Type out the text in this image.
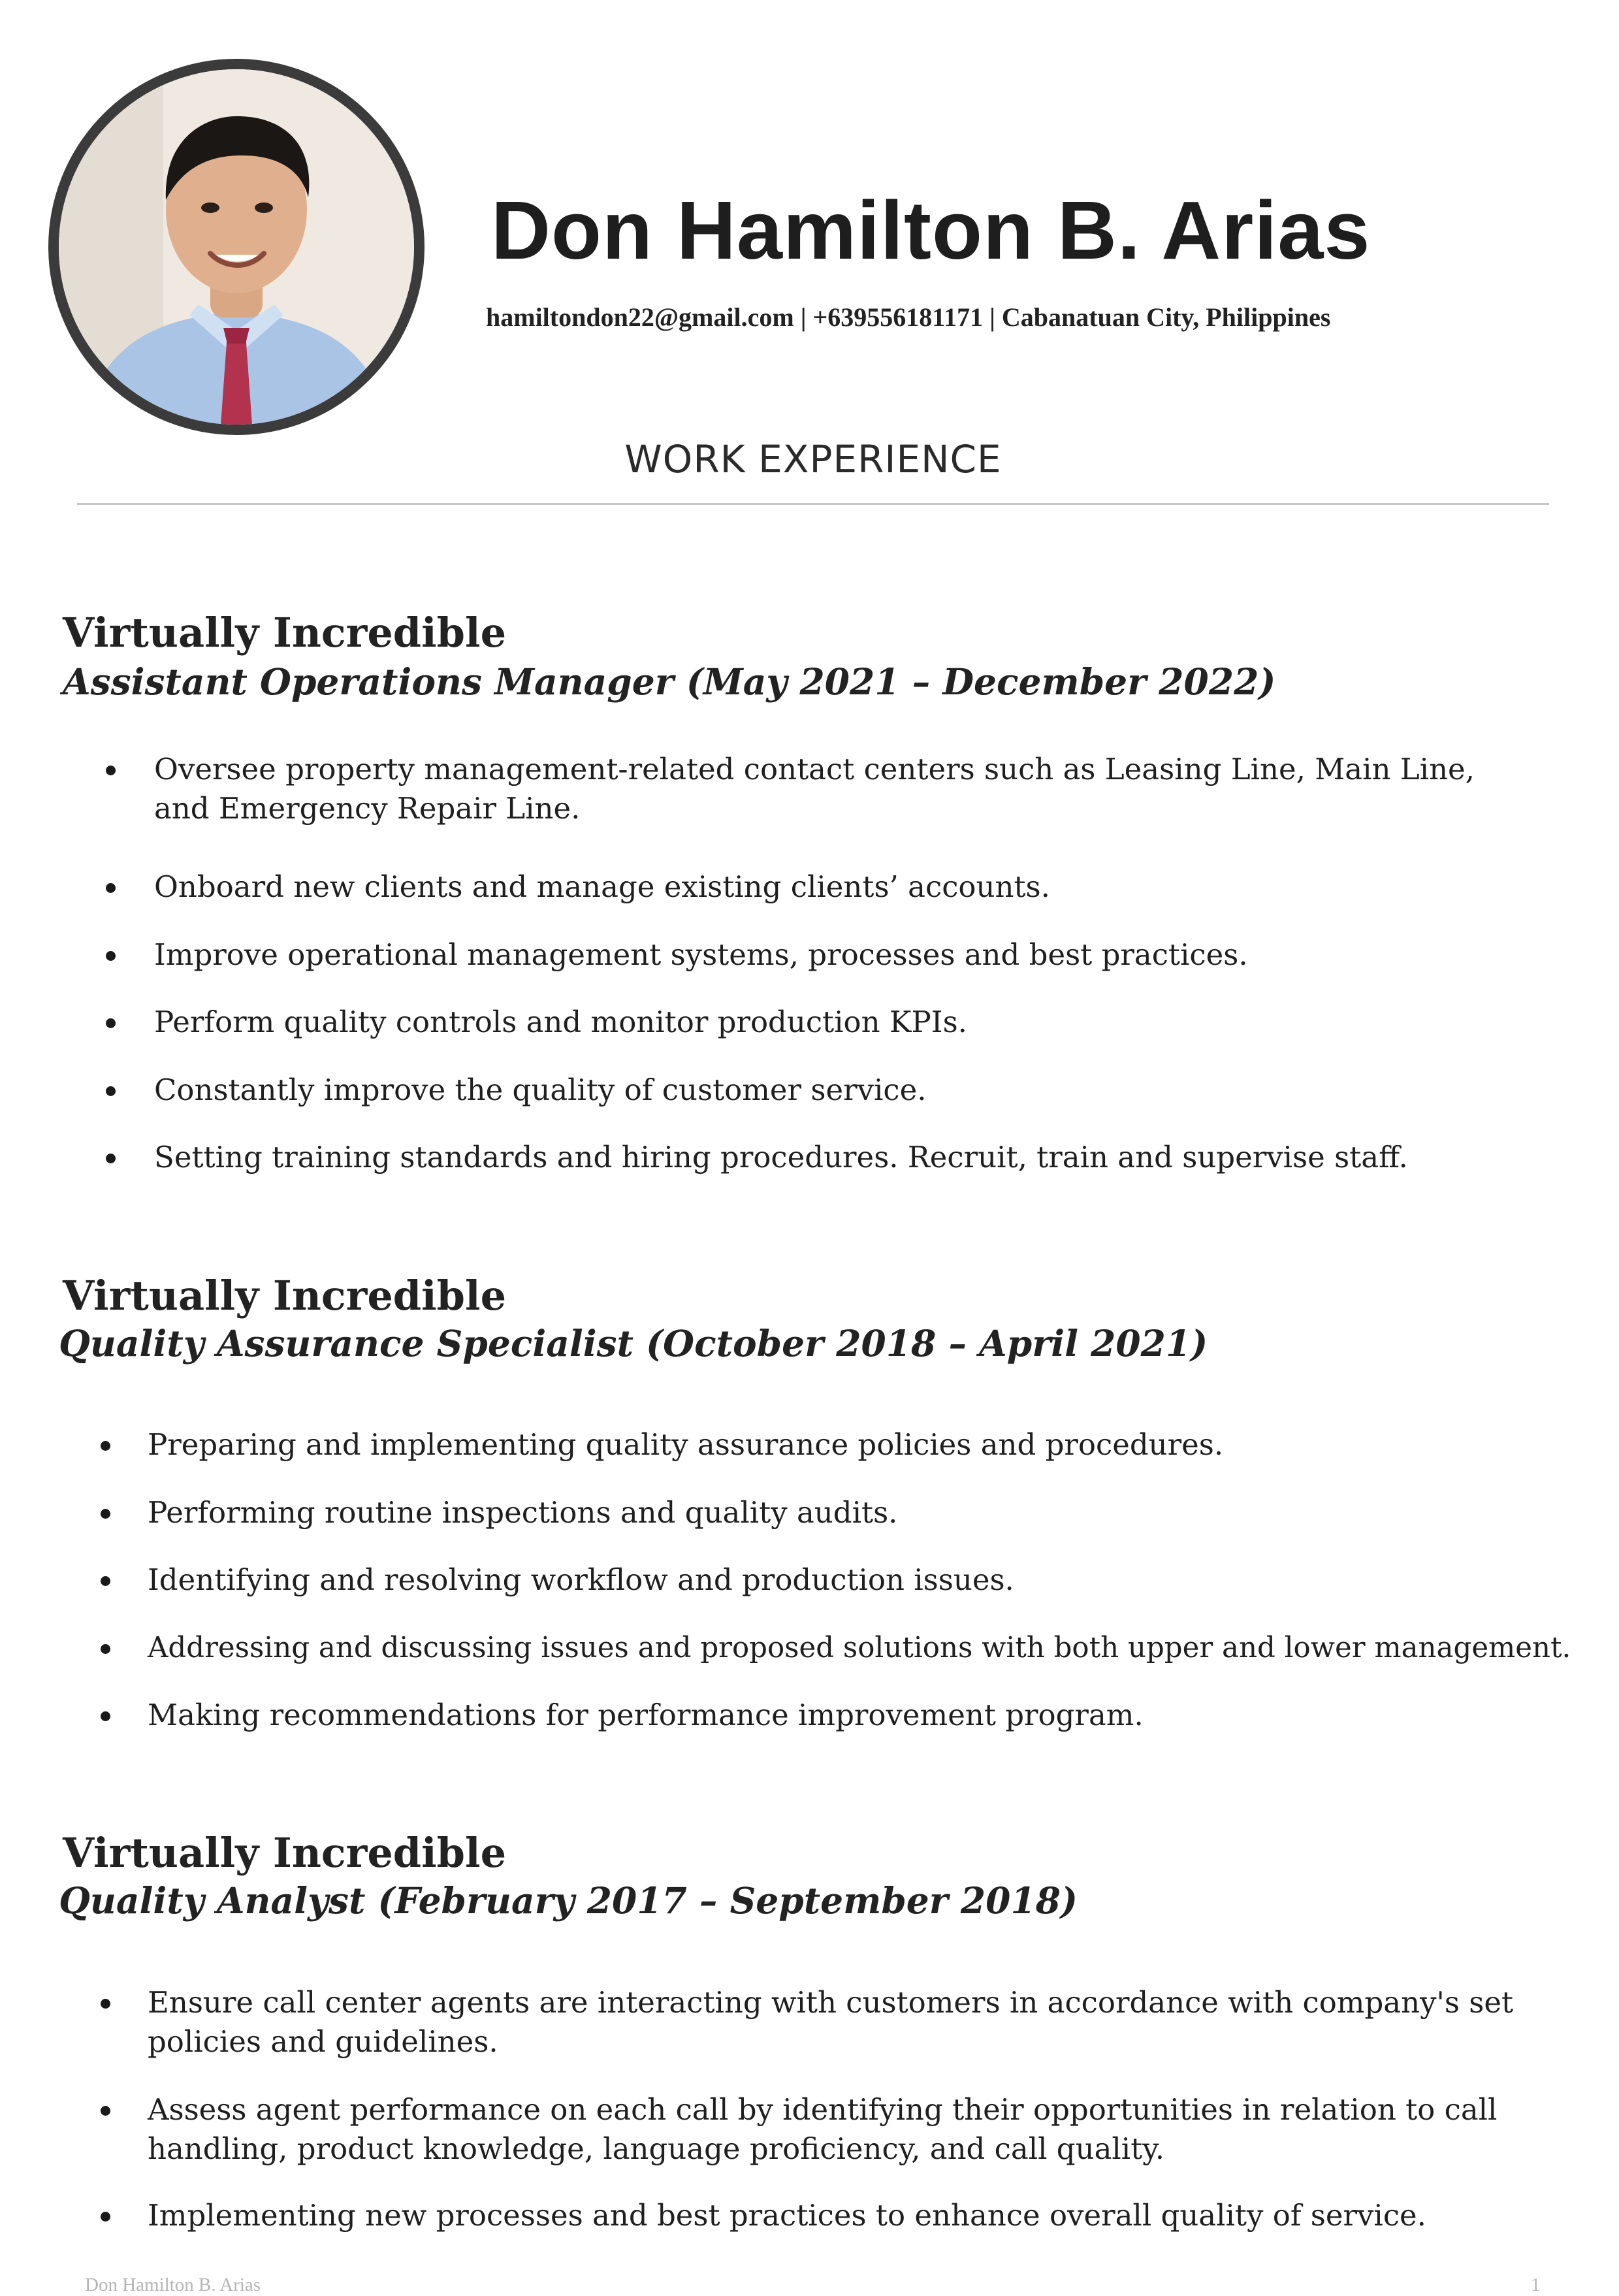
Don Hamilton B. Arias
hamiltondon22@gmail.com | +639556181171 | Cabanatuan City, Philippines
WORK EXPERIENCE
Virtually Incredible
Assistant Operations Manager (May 2021 – December 2022)
Oversee property management-related contact centers such as Leasing Line, Main Line, and Emergency Repair Line.
Onboard new clients and manage existing clients’ accounts.
Improve operational management systems, processes and best practices.
Perform quality controls and monitor production KPIs.
Constantly improve the quality of customer service.
Setting training standards and hiring procedures. Recruit, train and supervise staff.
Virtually Incredible
Quality Assurance Specialist (October 2018 – April 2021)
Preparing and implementing quality assurance policies and procedures.
Performing routine inspections and quality audits.
Identifying and resolving workflow and production issues.
Addressing and discussing issues and proposed solutions with both upper and lower management.
Making recommendations for performance improvement program.
Virtually Incredible
Quality Analyst (February 2017 – September 2018)
Ensure call center agents are interacting with customers in accordance with company's set policies and guidelines.
Assess agent performance on each call by identifying their opportunities in relation to call handling, product knowledge, language proficiency, and call quality.
Implementing new processes and best practices to enhance overall quality of service.
Don Hamilton B. Arias	1
